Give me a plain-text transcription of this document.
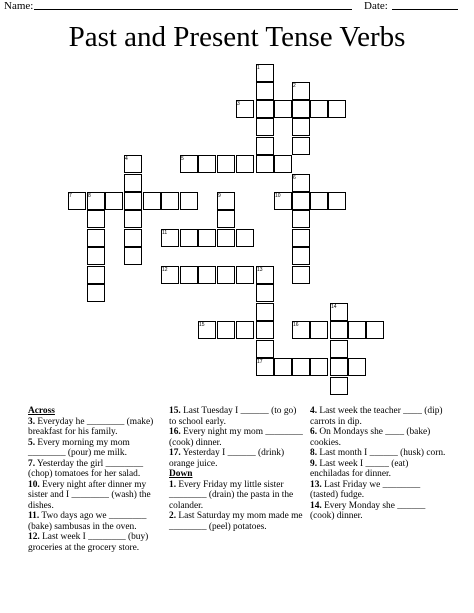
Name:	Date:
Past and Present Tense Verbs
1
2
3
4	5
6
7	8	9	10
11
12	13
14
15	16
17
Across
3. Everyday he ________ (make) breakfast for his family.
5. Every morning my mom ________ (pour) me milk.
7. Yesterday the girl ________ (chop) tomatoes for her salad.
10. Every night after dinner my sister and I ________ (wash) the dishes.
11. Two days ago we ________ (bake) sambusas in the oven.
12. Last week I ________ (buy) groceries at the grocery store.
15. Last Tuesday I ______ (to go) to school early.
16. Every night my mom ________ (cook) dinner.
17. Yesterday I ______ (drink) orange juice.
Down
1. Every Friday my little sister ________ (drain) the pasta in the colander.
2. Last Saturday my mom made me ________ (peel) potatoes.
4. Last week the teacher ____ (dip) carrots in dip.
6. On Mondays she ____ (bake) cookies.
8. Last month I ______ (husk) corn.
9. Last week I _____ (eat) enchiladas for dinner.
13. Last Friday we ________ (tasted) fudge.
14. Every Monday she ______ (cook) dinner.
